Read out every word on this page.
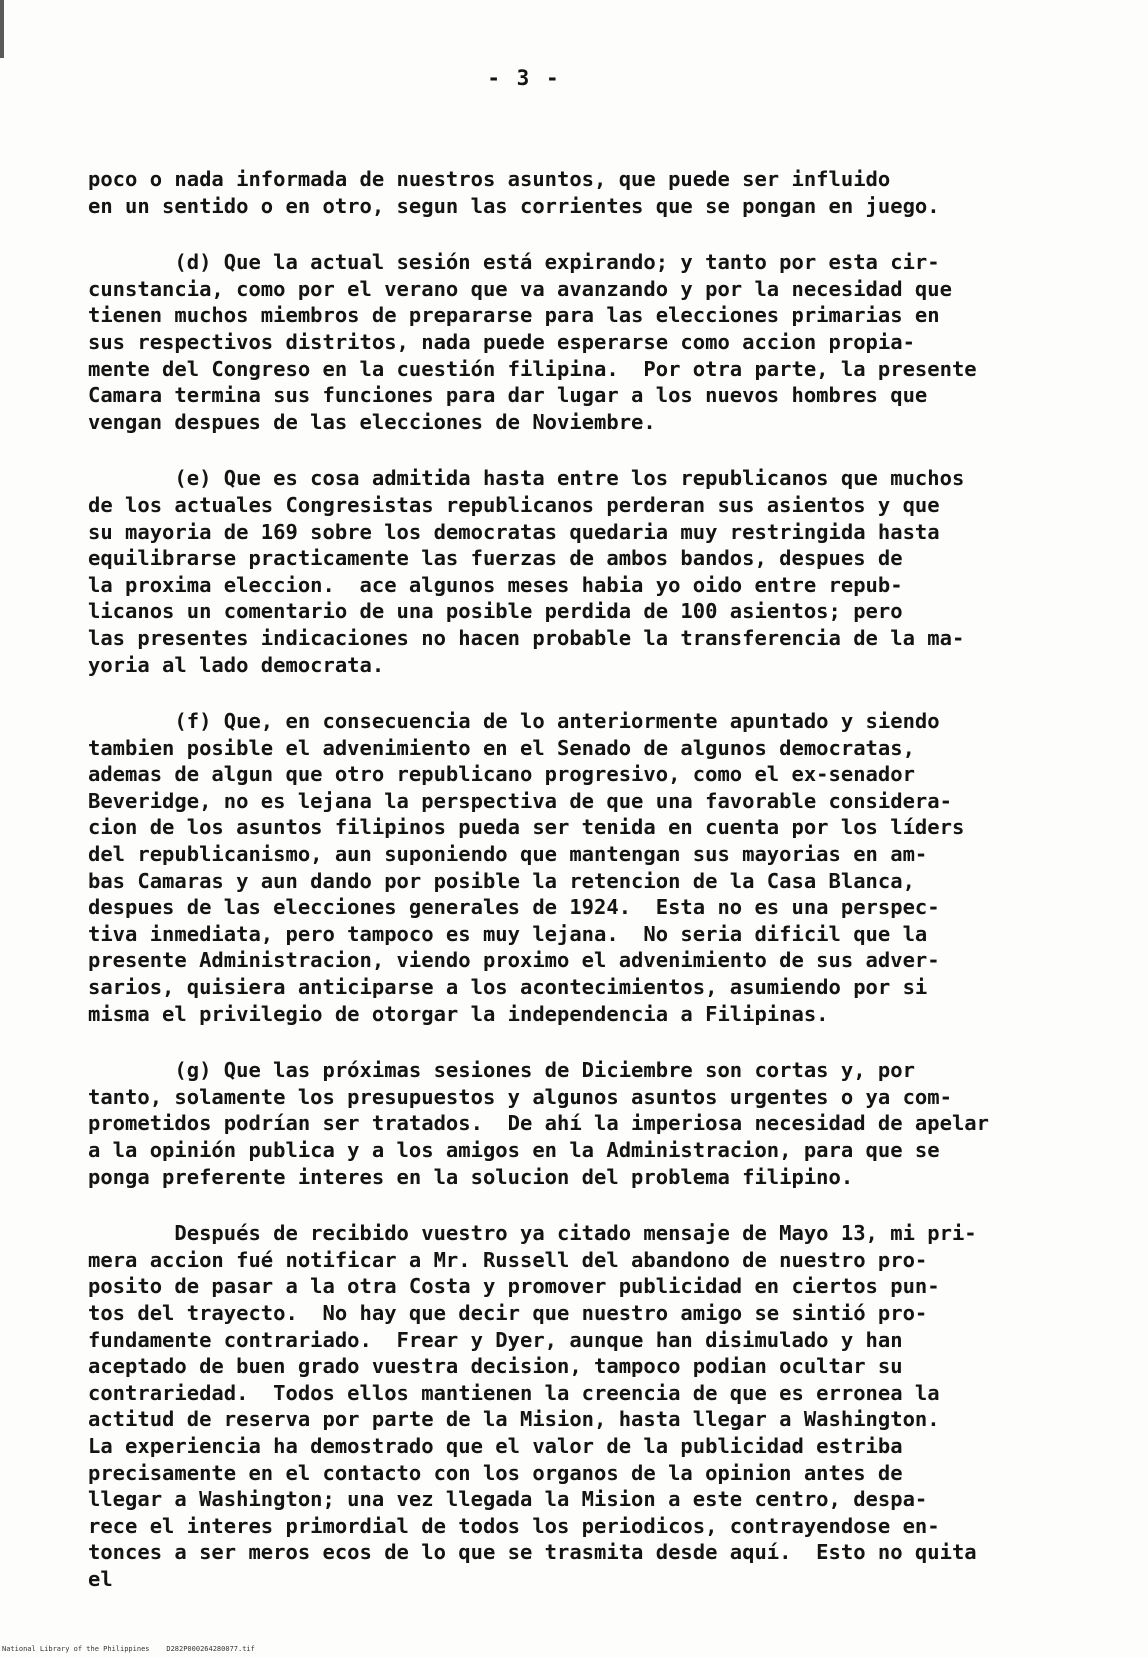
- 3 -

poco o nada informada de nuestros asuntos, que puede ser influido
en un sentido o en otro, segun las corrientes que se pongan en juego.

(d) Que la actual sesión está expirando; y tanto por esta cir-
cunstancia, como por el verano que va avanzando y por la necesidad que
tienen muchos miembros de prepararse para las elecciones primarias en
sus respectivos distritos, nada puede esperarse como accion propia-
mente del Congreso en la cuestión filipina.  Por otra parte, la presente
Camara termina sus funciones para dar lugar a los nuevos hombres que
vengan despues de las elecciones de Noviembre.

(e) Que es cosa admitida hasta entre los republicanos que muchos
de los actuales Congresistas republicanos perderan sus asientos y que
su mayoria de 169 sobre los democratas quedaria muy restringida hasta
equilibrarse practicamente las fuerzas de ambos bandos, despues de
la proxima eleccion.  ace algunos meses habia yo oido entre repub-
licanos un comentario de una posible perdida de 100 asientos; pero
las presentes indicaciones no hacen probable la transferencia de la ma-
yoria al lado democrata.

(f) Que, en consecuencia de lo anteriormente apuntado y siendo
tambien posible el advenimiento en el Senado de algunos democratas,
ademas de algun que otro republicano progresivo, como el ex-senador
Beveridge, no es lejana la perspectiva de que una favorable considera-
cion de los asuntos filipinos pueda ser tenida en cuenta por los líders
del republicanismo, aun suponiendo que mantengan sus mayorias en am-
bas Camaras y aun dando por posible la retencion de la Casa Blanca,
despues de las elecciones generales de 1924.  Esta no es una perspec-
tiva inmediata, pero tampoco es muy lejana.  No seria dificil que la
presente Administracion, viendo proximo el advenimiento de sus adver-
sarios, quisiera anticiparse a los acontecimientos, asumiendo por si
misma el privilegio de otorgar la independencia a Filipinas.

(g) Que las próximas sesiones de Diciembre son cortas y, por
tanto, solamente los presupuestos y algunos asuntos urgentes o ya com-
prometidos podrían ser tratados.  De ahí la imperiosa necesidad de apelar
a la opinión publica y a los amigos en la Administracion, para que se
ponga preferente interes en la solucion del problema filipino.

Después de recibido vuestro ya citado mensaje de Mayo 13, mi pri-
mera accion fué notificar a Mr. Russell del abandono de nuestro pro-
posito de pasar a la otra Costa y promover publicidad en ciertos pun-
tos del trayecto.  No hay que decir que nuestro amigo se sintió pro-
fundamente contrariado.  Frear y Dyer, aunque han disimulado y han
aceptado de buen grado vuestra decision, tampoco podian ocultar su
contrariedad.  Todos ellos mantienen la creencia de que es erronea la
actitud de reserva por parte de la Mision, hasta llegar a Washington.
La experiencia ha demostrado que el valor de la publicidad estriba
precisamente en el contacto con los organos de la opinion antes de
llegar a Washington; una vez llegada la Mision a este centro, despa-
rece el interes primordial de todos los periodicos, contrayendose en-
tonces a ser meros ecos de lo que se trasmita desde aquí.  Esto no quita
el

National Library of the Philippines    D282P000264280077.tif
